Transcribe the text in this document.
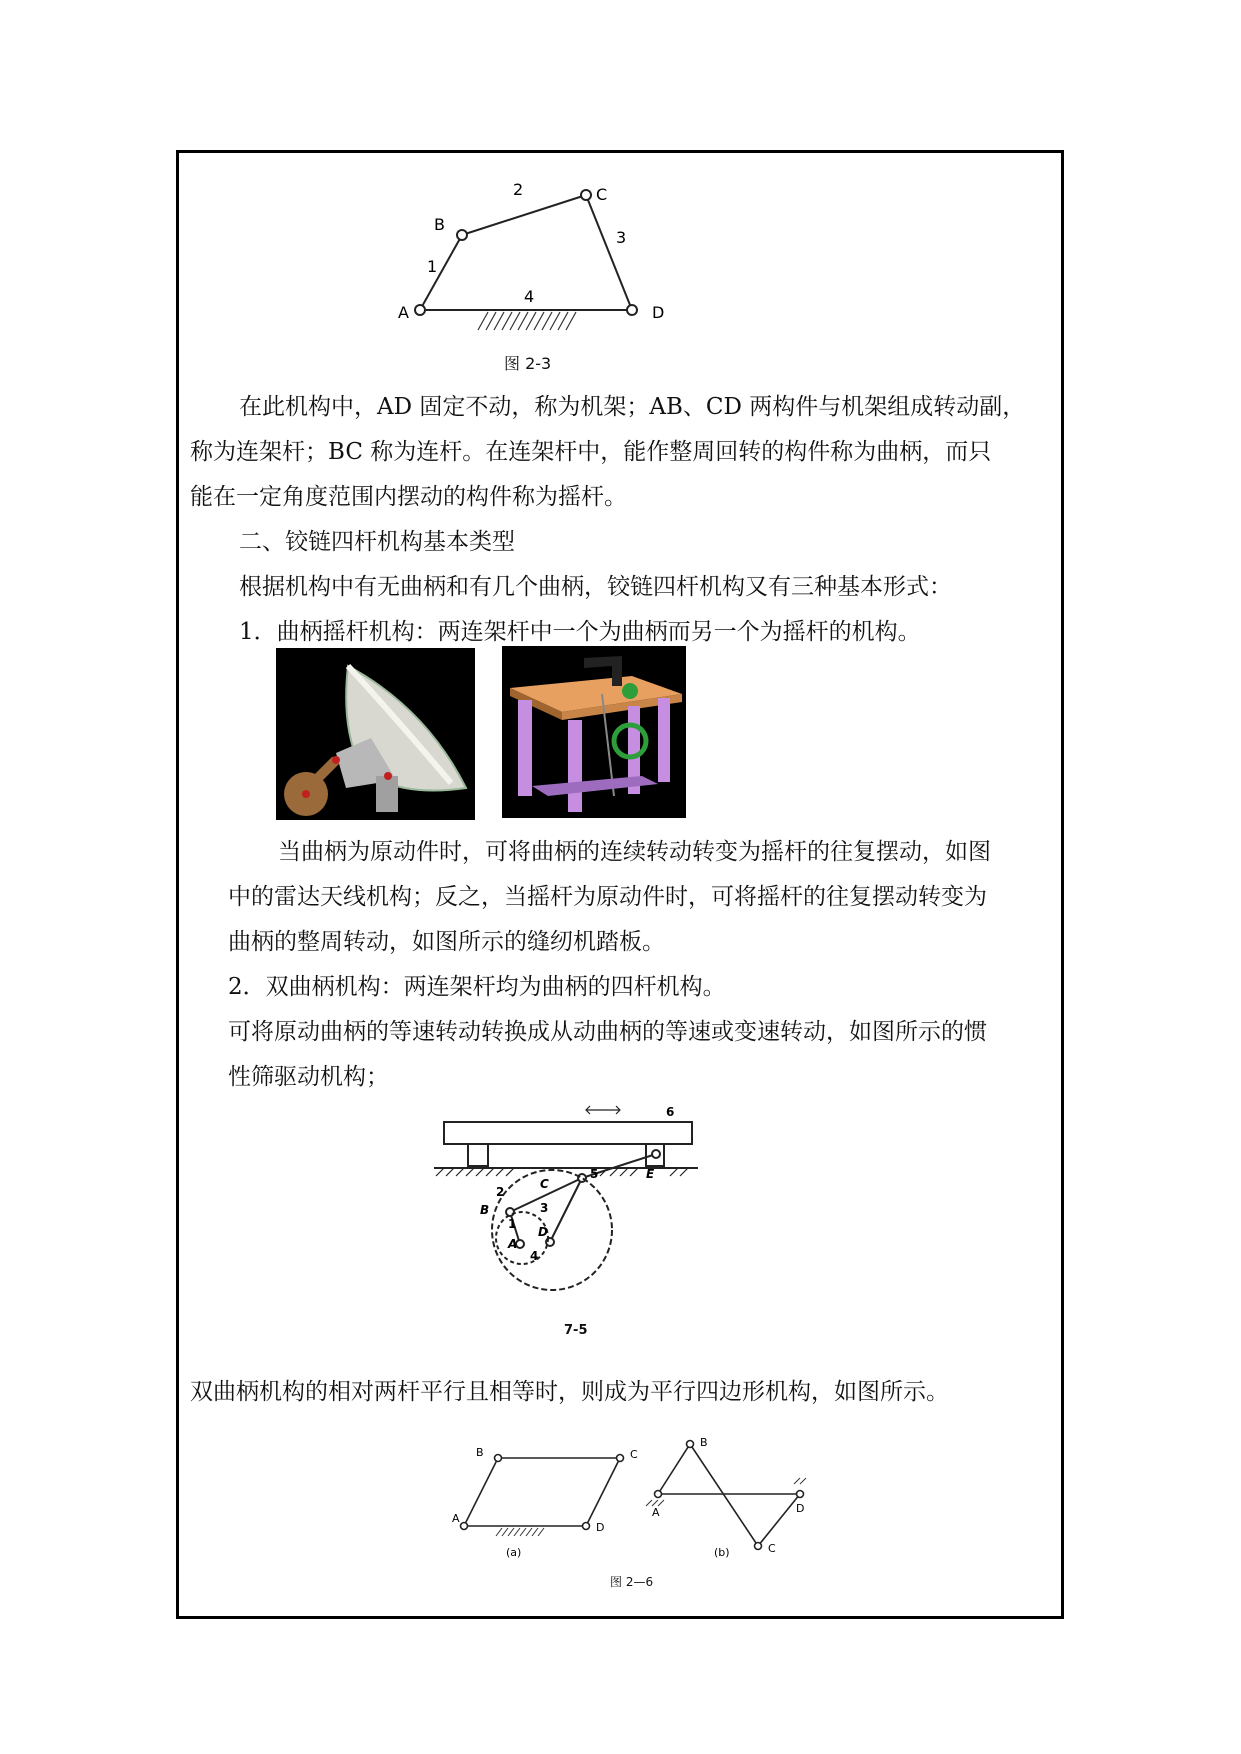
A
B
C
D
2
1
3
4
图 2-3
在此机构中，AD 固定不动，称为机架；AB、CD 两构件与机架组成转动副，
称为连架杆；BC 称为连杆。在连架杆中，能作整周回转的构件称为曲柄，而只
能在一定角度范围内摆动的构件称为摇杆。
二、铰链四杆机构基本类型
根据机构中有无曲柄和有几个曲柄，铰链四杆机构又有三种基本形式：
1．曲柄摇杆机构：两连架杆中一个为曲柄而另一个为摇杆的机构。
当曲柄为原动件时，可将曲柄的连续转动转变为摇杆的往复摆动，如图
中的雷达天线机构；反之，当摇杆为原动件时，可将摇杆的往复摆动转变为
曲柄的整周转动，如图所示的缝纫机踏板。
2．双曲柄机构：两连架杆均为曲柄的四杆机构。
可将原动曲柄的等速转动转换成从动曲柄的等速或变速转动，如图所示的惯
性筛驱动机构；
6
5	E
C
2
3
B
1
A
D
4
7-5
双曲柄机构的相对两杆平行且相等时，则成为平行四边形机构，如图所示。
A
B	C
D
(a)
A
B
C
D
(b)
图 2—6
